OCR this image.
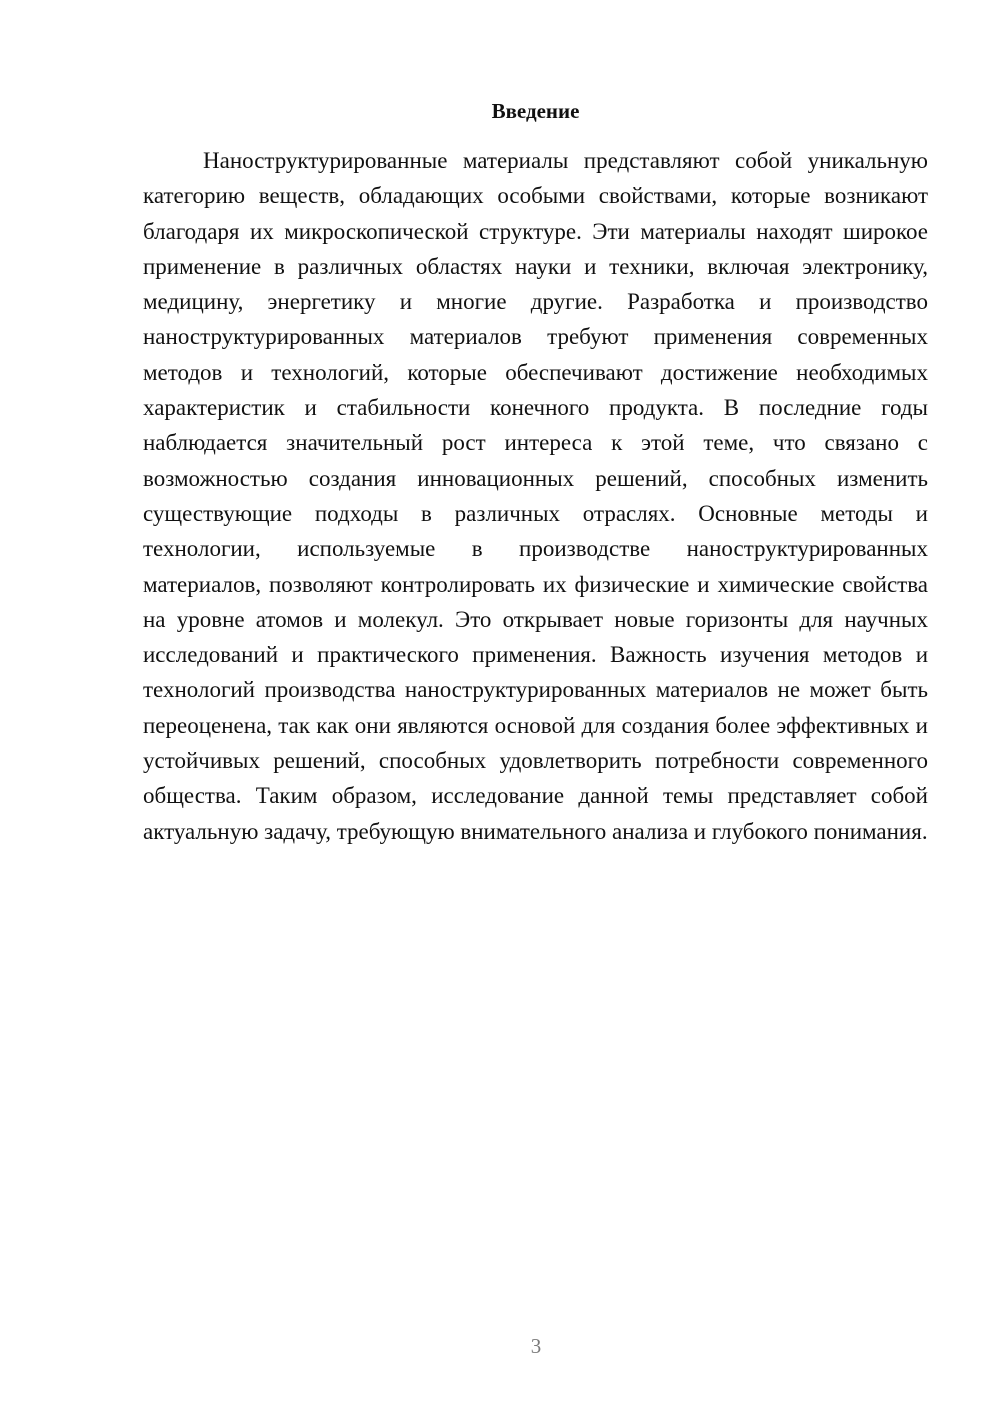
Введение

Наноструктурированные материалы представляют собой уникальную категорию веществ, обладающих особыми свойствами, которые возникают благодаря их микроскопической структуре. Эти материалы находят широкое применение в различных областях науки и техники, включая электронику, медицину, энергетику и многие другие. Разработка и производство наноструктурированных материалов требуют применения современных методов и технологий, которые обеспечивают достижение необходимых характеристик и стабильности конечного продукта. В последние годы наблюдается значительный рост интереса к этой теме, что связано с возможностью создания инновационных решений, способных изменить существующие подходы в различных отраслях. Основные методы и технологии, используемые в производстве наноструктурированных материалов, позволяют контролировать их физические и химические свойства на уровне атомов и молекул. Это открывает новые горизонты для научных исследований и практического применения. Важность изучения методов и технологий производства наноструктурированных материалов не может быть переоценена, так как они являются основой для создания более эффективных и устойчивых решений, способных удовлетворить потребности современного общества. Таким образом, исследование данной темы представляет собой актуальную задачу, требующую внимательного анализа и глубокого понимания.

3
